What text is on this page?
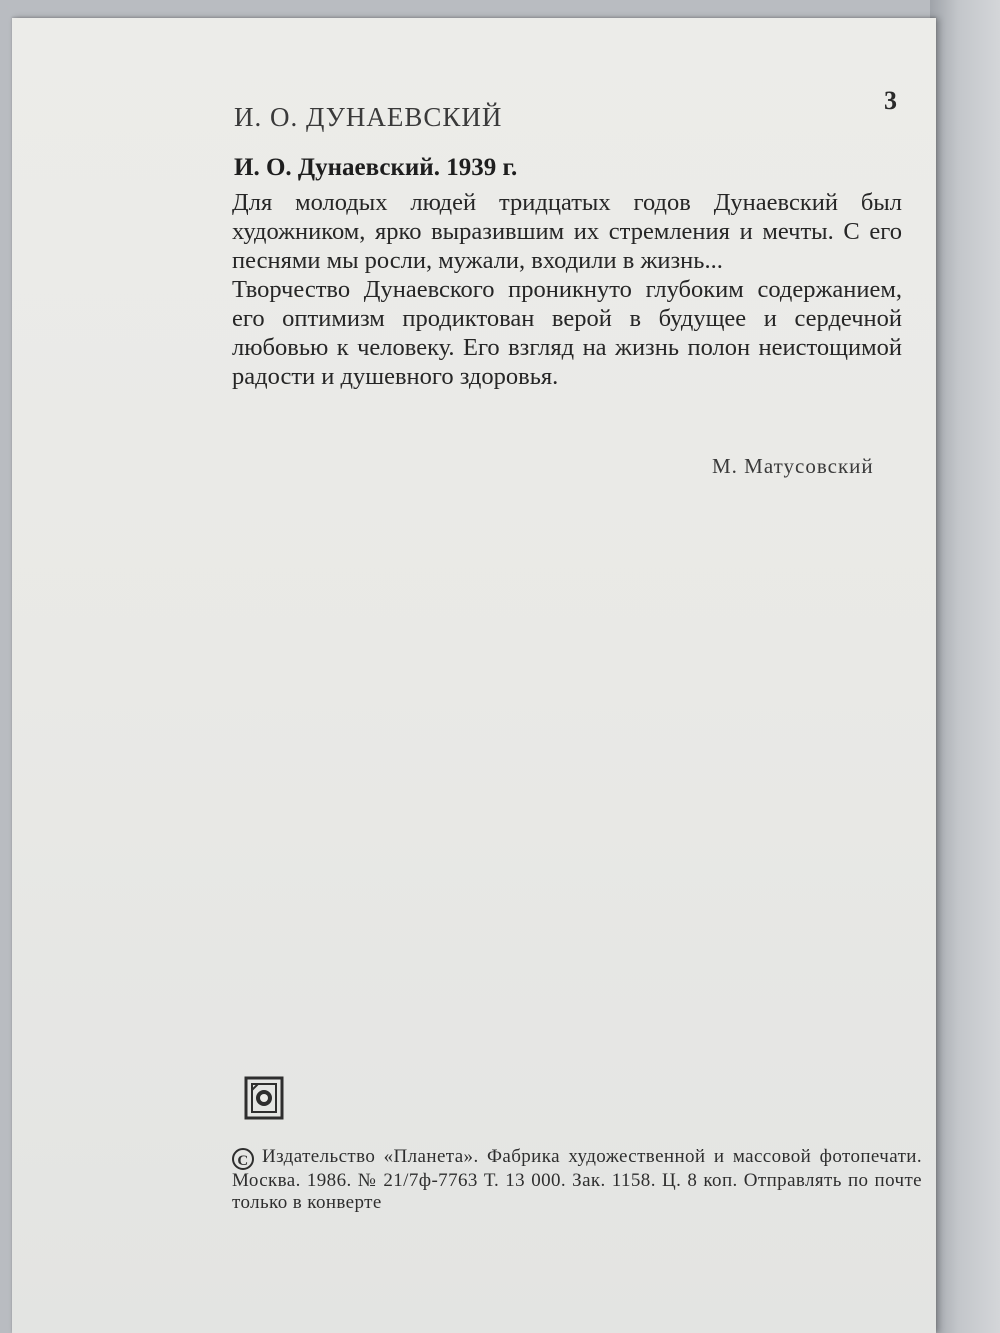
3
И. О. ДУНАЕВСКИЙ
И. О. Дунаевский. 1939 г.

Для молодых людей тридцатых годов Дунаевский был художником, ярко выразившим их стремления и мечты. С его песнями мы росли, мужали, входили в жизнь...

Творчество Дунаевского проникнуто глубоким содержанием, его оптимизм продиктован верой в будущее и сердечной любовью к человеку. Его взгляд на жизнь полон неистощимой радости и душевного здоровья.

М. Матусовский
C Издательство «Планета». Фабрика художественной и массовой фотопечати. Москва. 1986. № 21/7ф-7763 Т. 13 000. Зак. 1158. Ц. 8 коп. Отправлять по почте только в конверте
